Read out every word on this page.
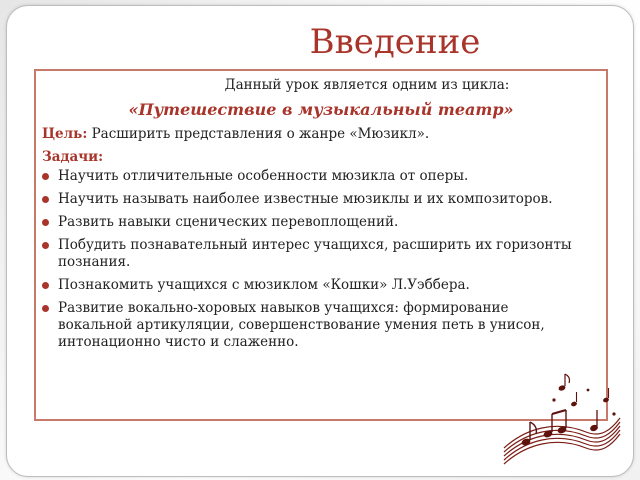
Введение
Данный урок является одним из цикла:
«Путешествие в музыкальный театр»
Цель: Расширить представления о жанре «Мюзикл».
Задачи:
Научить отличительные особенности мюзикла от оперы.
Научить называть наиболее известные мюзиклы и их композиторов.
Развить навыки сценических перевоплощений.
Побудить познавательный интерес учащихся, расширить их горизонты познания.
Познакомить учащихся с мюзиклом «Кошки» Л.Уэббера.
Развитие вокально-хоровых навыков учащихся: формирование вокальной артикуляции, совершенствование умения петь в унисон, интонационно чисто и слаженно.
